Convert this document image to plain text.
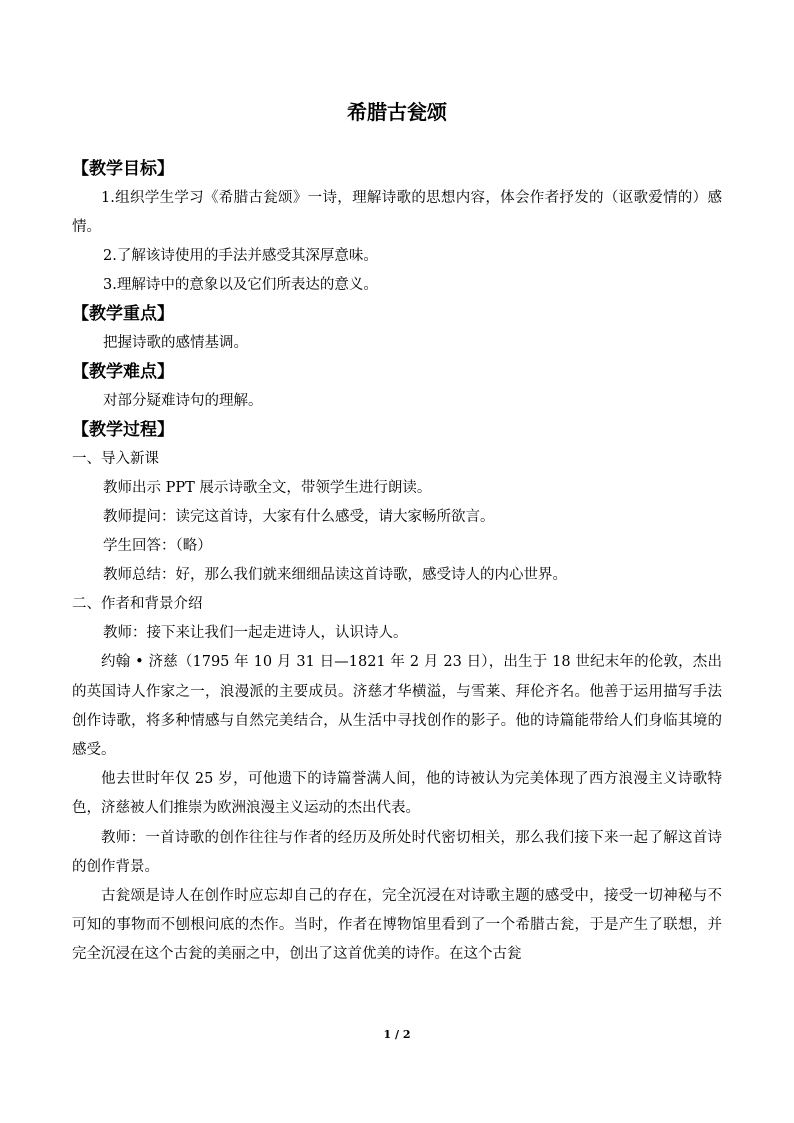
希腊古瓮颂

【教学目标】

1.组织学生学习《希腊古瓮颂》一诗，理解诗歌的思想内容，体会作者抒发的（讴歌爱情的）感情。

2.了解该诗使用的手法并感受其深厚意味。

3.理解诗中的意象以及它们所表达的意义。

【教学重点】

把握诗歌的感情基调。

【教学难点】

对部分疑难诗句的理解。

【教学过程】

一、导入新课

教师出示 PPT 展示诗歌全文，带领学生进行朗读。

教师提问：读完这首诗，大家有什么感受，请大家畅所欲言。

学生回答：（略）

教师总结：好，那么我们就来细细品读这首诗歌，感受诗人的内心世界。

二、作者和背景介绍

教师：接下来让我们一起走进诗人，认识诗人。

约翰 • 济慈（1795 年 10 月 31 日—1821 年 2 月 23 日），出生于 18 世纪末年的伦敦，杰出的英国诗人作家之一，浪漫派的主要成员。济慈才华横溢，与雪莱、拜伦齐名。他善于运用描写手法创作诗歌，将多种情感与自然完美结合，从生活中寻找创作的影子。他的诗篇能带给人们身临其境的感受。

他去世时年仅 25 岁，可他遗下的诗篇誉满人间，他的诗被认为完美体现了西方浪漫主义诗歌特色，济慈被人们推崇为欧洲浪漫主义运动的杰出代表。

教师：一首诗歌的创作往往与作者的经历及所处时代密切相关，那么我们接下来一起了解这首诗的创作背景。

古瓮颂是诗人在创作时应忘却自己的存在，完全沉浸在对诗歌主题的感受中，接受一切神秘与不可知的事物而不刨根问底的杰作。当时，作者在博物馆里看到了一个希腊古瓮，于是产生了联想，并完全沉浸在这个古瓮的美丽之中，创出了这首优美的诗作。在这个古瓮

1 / 2
